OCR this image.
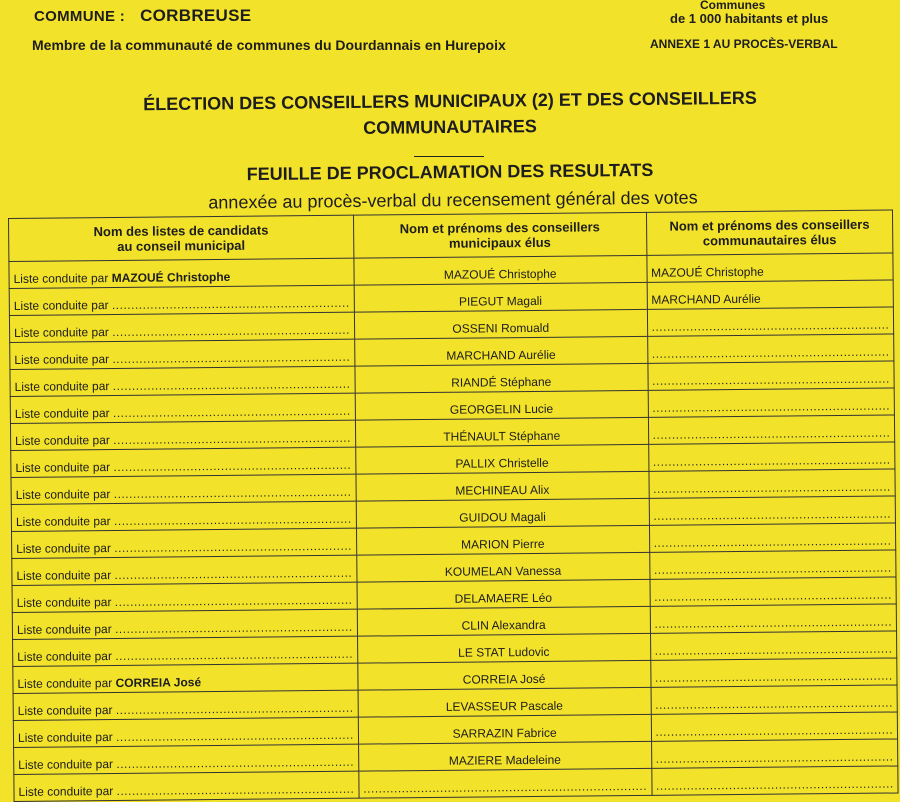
COMMUNE : CORBREUSE
Membre de la communauté de communes du Dourdannais en Hurepoix
Communes
de 1 000 habitants et plus
ANNEXE 1 AU PROCÈS-VERBAL
ÉLECTION DES CONSEILLERS MUNICIPAUX (2) ET DES CONSEILLERS
COMMUNAUTAIRES
FEUILLE DE PROCLAMATION DES RESULTATS
annexée au procès-verbal du recensement général des votes
Nom des listes de candidats
au conseil municipal	Nom et prénoms des conseillers
municipaux élus	Nom et prénoms des conseillers
communautaires élus
Liste conduite par MAZOUÉ Christophe	MAZOUÉ Christophe	MAZOUÉ Christophe
Liste conduite par ..............................................................	PIEGUT Magali	MARCHAND Aurélie
Liste conduite par ..............................................................	OSSENI Romuald	..............................................................
Liste conduite par ..............................................................	MARCHAND Aurélie	..............................................................
Liste conduite par ..............................................................	RIANDÉ Stéphane	..............................................................
Liste conduite par ..............................................................	GEORGELIN Lucie	..............................................................
Liste conduite par ..............................................................	THÉNAULT Stéphane	..............................................................
Liste conduite par ..............................................................	PALLIX Christelle	..............................................................
Liste conduite par ..............................................................	MECHINEAU Alix	..............................................................
Liste conduite par ..............................................................	GUIDOU Magali	..............................................................
Liste conduite par ..............................................................	MARION Pierre	..............................................................
Liste conduite par ..............................................................	KOUMELAN Vanessa	..............................................................
Liste conduite par ..............................................................	DELAMAERE Léo	..............................................................
Liste conduite par ..............................................................	CLIN Alexandra	..............................................................
Liste conduite par ..............................................................	LE STAT Ludovic	..............................................................
Liste conduite par CORREIA José	CORREIA José	..............................................................
Liste conduite par ..............................................................	LEVASSEUR Pascale	..............................................................
Liste conduite par ..............................................................	SARRAZIN Fabrice	..............................................................
Liste conduite par ..............................................................	MAZIERE Madeleine	..............................................................
Liste conduite par ..............................................................	..........................................................................	..............................................................
